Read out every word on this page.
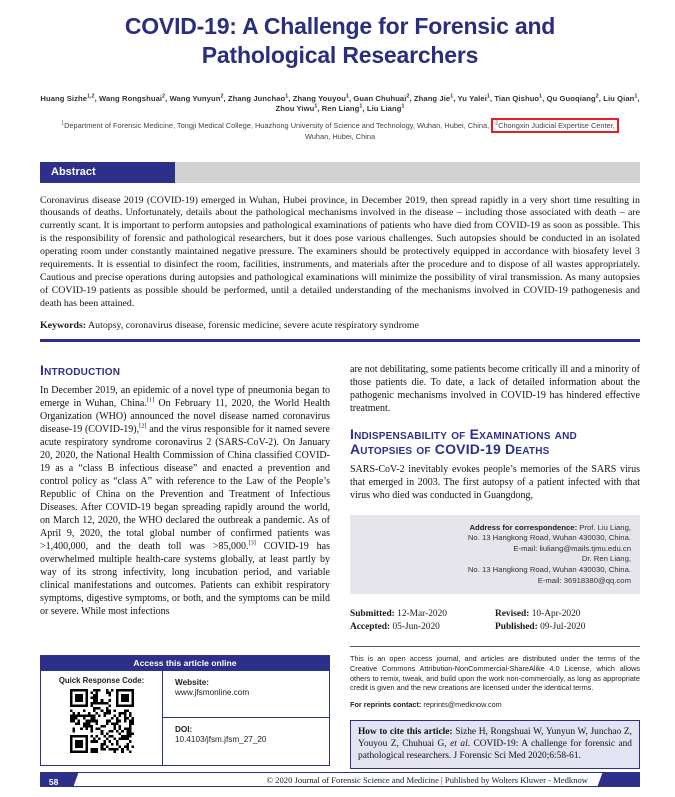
COVID-19: A Challenge for Forensic and Pathological Researchers
Huang Sizhe$^{1,2}$, Wang Rongshuai$^2$, Wang Yunyun$^2$, Zhang Junchao$^1$, Zhang Youyou$^1$, Guan Chuhuai$^2$, Zhang Jie$^1$, Yu Yalei$^1$, Tian Qishuo$^1$, Qu Guoqiang$^2$, Liu Qian$^1$,
Zhou Yiwu$^1$, Ren Liang$^1$, Liu Liang$^1$
$^1$Department of Forensic Medicine, Tongji Medical College, Huazhong University of Science and Technology, Wuhan, Hubei, China, $^2$Chongxin Judicial Expertise Center,
Wuhan, Hubei, China
Abstract

Coronavirus disease 2019 (COVID-19) emerged in Wuhan, Hubei province, in December 2019, then spread rapidly in a very short time resulting in thousands of deaths. Unfortunately, details about the pathological mechanisms involved in the disease – including those associated with death – are currently scant. It is important to perform autopsies and pathological examinations of patients who have died from COVID-19 as soon as possible. This is the responsibility of forensic and pathological researchers, but it does pose various challenges. Such autopsies should be conducted in an isolated operating room under constantly maintained negative pressure. The examiners should be protectively equipped in accordance with biosafety level 3 requirements. It is essential to disinfect the room, facilities, instruments, and materials after the procedure and to dispose of all wastes appropriately. Cautious and precise operations during autopsies and pathological examinations will minimize the possibility of viral transmission. As many autopsies of COVID-19 patients as possible should be performed, until a detailed understanding of the mechanisms involved in COVID-19 pathogenesis and death has been attained.

Keywords: Autopsy, coronavirus disease, forensic medicine, severe acute respiratory syndrome

Introduction

In December 2019, an epidemic of a novel type of pneumonia began to emerge in Wuhan, China.[1] On February 11, 2020, the World Health Organization (WHO) announced the novel disease named coronavirus disease-19 (COVID-19),[2] and the virus responsible for it named severe acute respiratory syndrome coronavirus 2 (SARS-CoV-2). On January 20, 2020, the National Health Commission of China classified COVID-19 as a “class B infectious disease” and enacted a prevention and control policy as “class A” with reference to the Law of the People’s Republic of China on the Prevention and Treatment of Infectious Diseases. After COVID-19 began spreading rapidly around the world, on March 12, 2020, the WHO declared the outbreak a pandemic. As of April 9, 2020, the total global number of confirmed patients was >1,400,000, and the death toll was >85,000.[3] COVID-19 has overwhelmed multiple health-care systems globally, at least partly by way of its strong infectivity, long incubation period, and variable clinical manifestations and outcomes. Patients can exhibit respiratory symptoms, digestive symptoms, or both, and the symptoms can be mild or severe. While most infections

Access this article online
Quick Response Code:	Website:
www.jfsmonline.com
DOI:
10.4103/jfsm.jfsm_27_20

are not debilitating, some patients become critically ill and a minority of those patients die. To date, a lack of detailed information about the pathogenic mechanisms involved in COVID-19 has hindered effective treatment.

Indispensability of Examinations and Autopsies of COVID-19 Deaths

SARS-CoV-2 inevitably evokes people’s memories of the SARS virus that emerged in 2003. The first autopsy of a patient infected with that virus who died was conducted in Guangdong,

Address for correspondence: Prof. Liu Liang,
No. 13 Hangkong Road, Wuhan 430030, China.
E-mail: liuliang@mails.tjmu.edu.cn
Dr. Ren Liang,
No. 13 Hangkong Road, Wuhan 430030, China.
E-mail: 36918380@qq.com
Submitted: 12-Mar-2020	Revised: 10-Apr-2020
Accepted: 05-Jun-2020	Published: 09-Jul-2020

This is an open access journal, and articles are distributed under the terms of the Creative Commons Attribution-NonCommercial-ShareAlike 4.0 License, which allows others to remix, tweak, and build upon the work non-commercially, as long as appropriate credit is given and the new creations are licensed under the identical terms.

For reprints contact: reprints@medknow.com

How to cite this article: Sizhe H, Rongshuai W, Yunyun W, Junchao Z, Youyou Z, Chuhuai G, et al. COVID-19: A challenge for forensic and pathological researchers. J Forensic Sci Med 2020;6:58-61.
© 2020 Journal of Forensic Science and Medicine | Published by Wolters Kluwer - Medknow
58
